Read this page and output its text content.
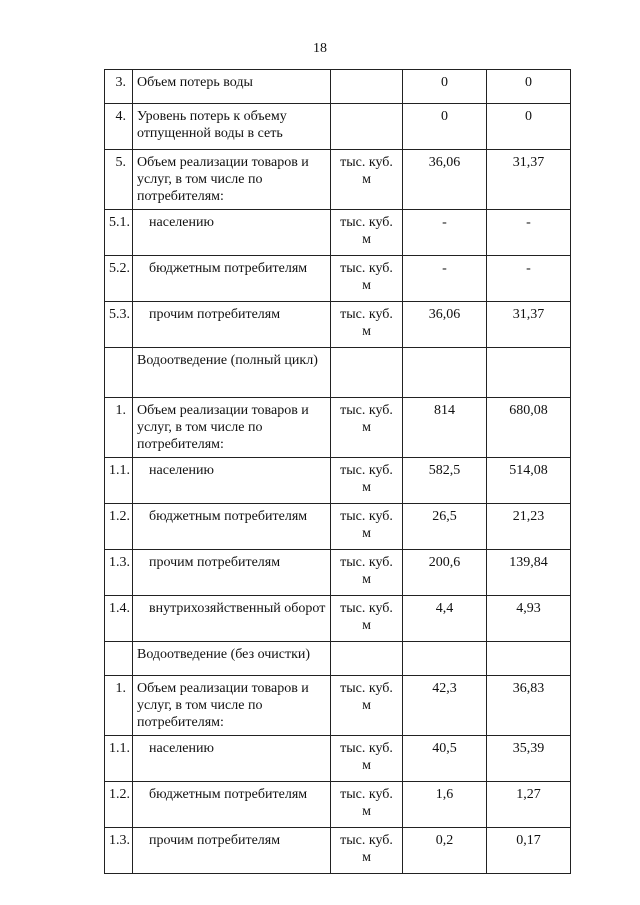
18
3.	Объем потерь воды		0	0
4.	Уровень потерь к объему отпущенной воды в сеть		0	0
5.	Объем реализации товаров и услуг, в том числе по потребителям:	тыс. куб. м	36,06	31,37
5.1.	населению	тыс. куб. м	-	-
5.2.	бюджетным потребителям	тыс. куб. м	-	-
5.3.	прочим потребителям	тыс. куб. м	36,06	31,37
	Водоотведение (полный цикл)			
1.	Объем реализации товаров и услуг, в том числе по потребителям:	тыс. куб. м	814	680,08
1.1.	населению	тыс. куб. м	582,5	514,08
1.2.	бюджетным потребителям	тыс. куб. м	26,5	21,23
1.3.	прочим потребителям	тыс. куб. м	200,6	139,84
1.4.	внутрихозяйственный оборот	тыс. куб. м	4,4	4,93
	Водоотведение (без очистки)			
1.	Объем реализации товаров и услуг, в том числе по потребителям:	тыс. куб. м	42,3	36,83
1.1.	населению	тыс. куб. м	40,5	35,39
1.2.	бюджетным потребителям	тыс. куб. м	1,6	1,27
1.3.	прочим потребителям	тыс. куб. м	0,2	0,17
